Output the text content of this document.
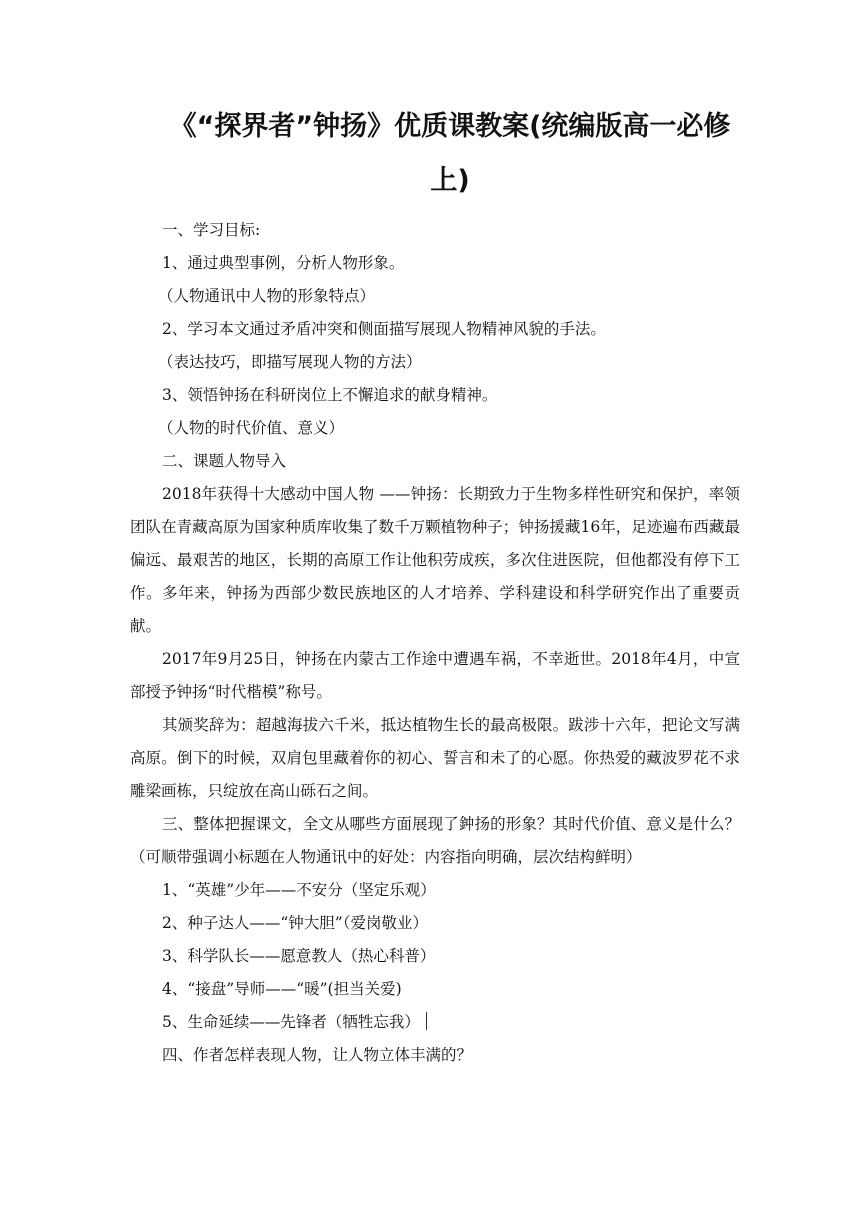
《“探界者”钟扬》优质课教案(统编版高一必修上)

一、学习目标:

1、通过典型事例，分析人物形象。

（人物通讯中人物的形象特点）

2、学习本文通过矛盾冲突和侧面描写展现人物精神风貌的手法。

（表达技巧，即描写展现人物的方法）

3、领悟钟扬在科研岗位上不懈追求的献身精神。

（人物的时代价值、意义）

二、课题人物导入

2018年获得十大感动中国人物 ——钟扬：长期致力于生物多样性研究和保护，率领团队在青藏高原为国家种质库收集了数千万颗植物种子；钟扬援藏16年，足迹遍布西藏最偏远、最艰苦的地区，长期的高原工作让他积劳成疾，多次住进医院，但他都没有停下工作。多年来，钟扬为西部少数民族地区的人才培养、学科建设和科学研究作出了重要贡献。

2017年9月25日，钟扬在内蒙古工作途中遭遇车祸，不幸逝世。2018年4月，中宣部授予钟扬“时代楷模”称号。

其颁奖辞为：超越海拔六千米，抵达植物生长的最高极限。跋涉十六年，把论文写满高原。倒下的时候，双肩包里藏着你的初心、誓言和未了的心愿。你热爱的藏波罗花不求雕梁画栋，只绽放在高山砾石之间。

三、整体把握课文，全文从哪些方面展现了鈡扬的形象？其时代价值、意义是什么？（可顺带强调小标题在人物通讯中的好处：内容指向明确，层次结构鲜明）

1、“英雄”少年——不安分（坚定乐观）

2、种子达人——“钟大胆”（爱岗敬业）

3、科学队长——愿意教人（热心科普）

4、“接盘”导师——“暖”(担当关爱)

5、生命延续——先锋者（牺牲忘我）

四、作者怎样表现人物，让人物立体丰满的？
